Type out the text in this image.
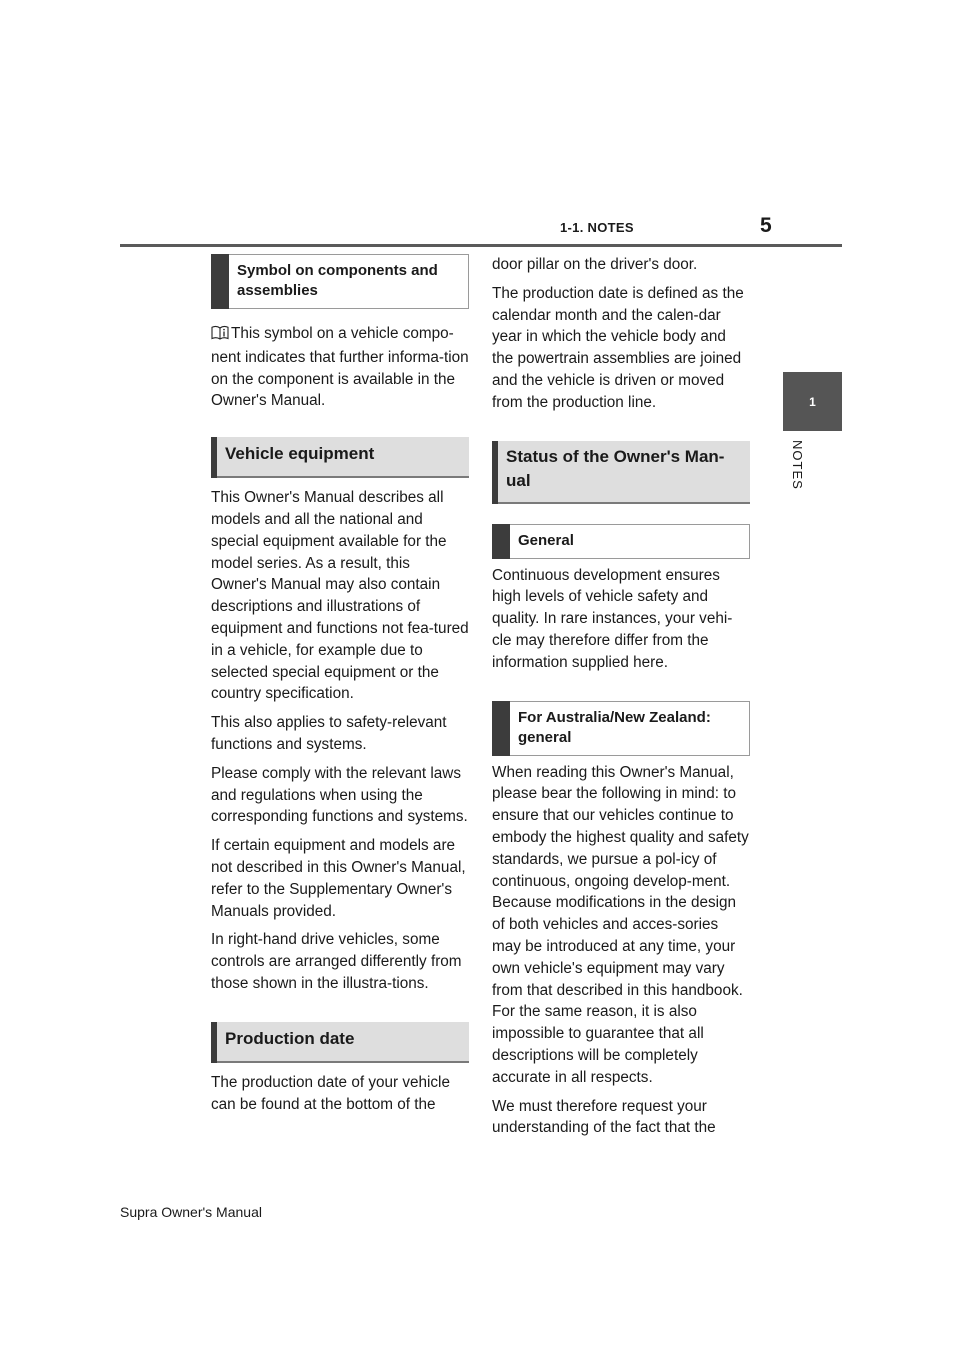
1-1. NOTES	5
1
NOTES
Symbol on components and assemblies

This symbol on a vehicle compo-nent indicates that further informa-tion on the component is available in the Owner's Manual.

Vehicle equipment

This Owner's Manual describes all models and all the national and special equipment available for the model series. As a result, this Owner's Manual may also contain descriptions and illustrations of equipment and functions not fea-tured in a vehicle, for example due to selected special equipment or the country specification.

This also applies to safety-relevant functions and systems.

Please comply with the relevant laws and regulations when using the corresponding functions and systems.

If certain equipment and models are not described in this Owner's Manual, refer to the Supplementary Owner's Manuals provided.

In right-hand drive vehicles, some controls are arranged differently from those shown in the illustra-tions.

Production date

The production date of your vehicle can be found at the bottom of the

door pillar on the driver's door.

The production date is defined as the calendar month and the calen-dar year in which the vehicle body and the powertrain assemblies are joined and the vehicle is driven or moved from the production line.

Status of the Owner's Man-ual
General

Continuous development ensures high levels of vehicle safety and quality. In rare instances, your vehi-cle may therefore differ from the information supplied here.

For Australia/New Zealand: general

When reading this Owner's Manual, please bear the following in mind: to ensure that our vehicles continue to embody the highest quality and safety standards, we pursue a pol-icy of continuous, ongoing develop-ment. Because modifications in the design of both vehicles and acces-sories may be introduced at any time, your own vehicle's equipment may vary from that described in this handbook. For the same reason, it is also impossible to guarantee that all descriptions will be completely accurate in all respects.

We must therefore request your understanding of the fact that the

Supra Owner's Manual
